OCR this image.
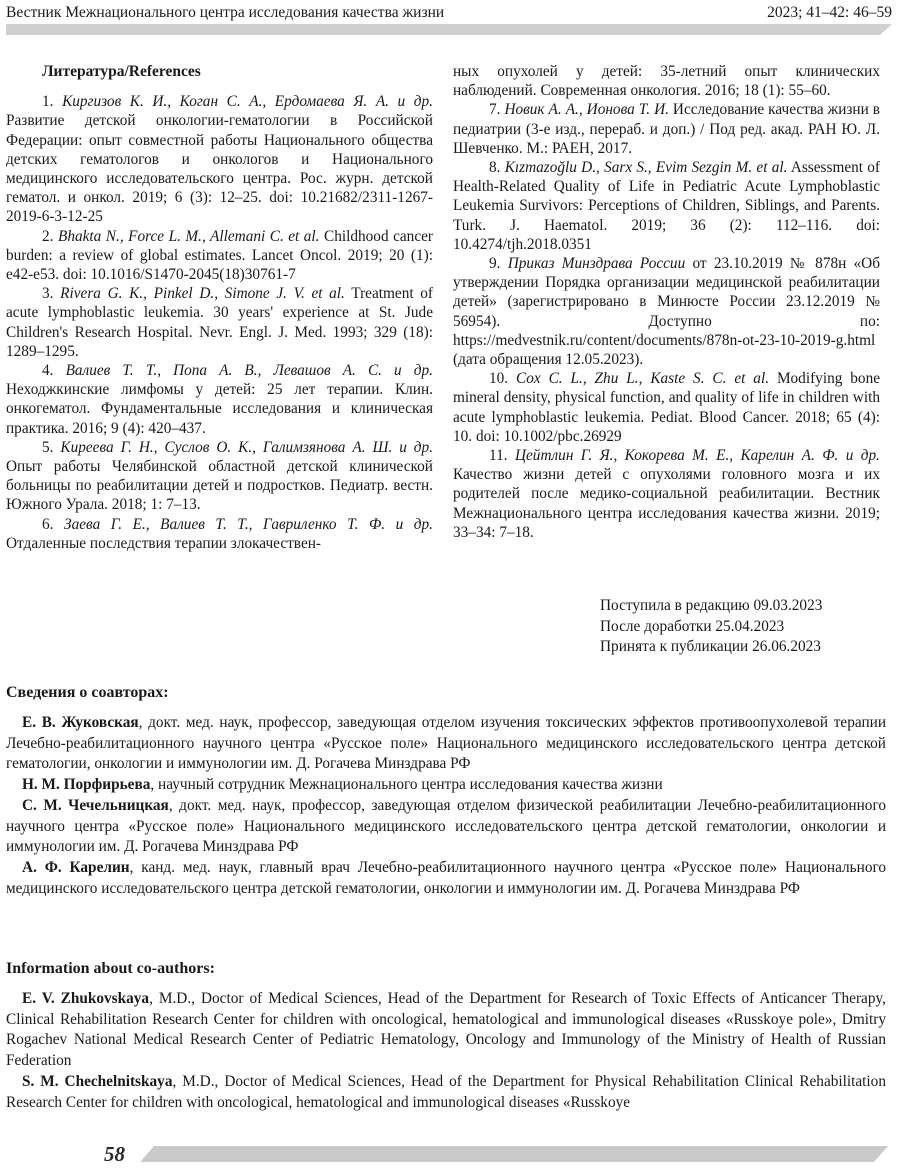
Вестник Межнационального центра исследования качества жизни	2023; 41–42: 46–59

Литература/References

1. Киргизов К. И., Коган С. А., Ердомаева Я. А. и др. Развитие детской онкологии-гематологии в Российской Федерации: опыт совместной работы Национального общества детских гематологов и онкологов и Национального медицинского исследовательского центра. Рос. журн. детской гематол. и онкол. 2019; 6 (3): 12–25. doi: 10.21682/2311-1267-2019-6-3-12-25

2. Bhakta N., Force L. M., Allemani C. et al. Childhood cancer burden: a review of global estimates. Lancet Oncol. 2019; 20 (1): e42-e53. doi: 10.1016/S1470-2045(18)30761-7

3. Rivera G. K., Pinkel D., Simone J. V. et al. Treatment of acute lymphoblastic leukemia. 30 years' experience at St. Jude Children's Research Hospital. Nevr. Engl. J. Med. 1993; 329 (18): 1289–1295.

4. Валиев Т. Т., Попа А. В., Левашов А. С. и др. Неходжкинские лимфомы у детей: 25 лет терапии. Клин. онкогематол. Фундаментальные исследования и клиническая практика. 2016; 9 (4): 420–437.

5. Киреева Г. Н., Суслов О. К., Галимзянова А. Ш. и др. Опыт работы Челябинской областной детской клинической больницы по реабилитации детей и подростков. Педиатр. вестн. Южного Урала. 2018; 1: 7–13.

6. Заева Г. Е., Валиев Т. Т., Гавриленко Т. Ф. и др. Отдаленные последствия терапии злокачествен-

ных опухолей у детей: 35-летний опыт клинических наблюдений. Современная онкология. 2016; 18 (1): 55–60.

7. Новик А. А., Ионова Т. И. Исследование качества жизни в педиатрии (3-е изд., перераб. и доп.) / Под ред. акад. РАН Ю. Л. Шевченко. М.: РАЕН, 2017.

8. Kızmazoğlu D., Sarx S., Evim Sezgin M. et al. Assessment of Health-Related Quality of Life in Pediatric Acute Lymphoblastic Leukemia Survivors: Perceptions of Children, Siblings, and Parents. Turk. J. Haematol. 2019; 36 (2): 112–116. doi: 10.4274/tjh.2018.0351

9. Приказ Минздрава России от 23.10.2019 № 878н «Об утверждении Порядка организации медицинской реабилитации детей» (зарегистрировано в Минюсте России 23.12.2019 № 56954). Доступно по: https://medvestnik.ru/content/documents/878n-ot-23-10-2019-g.html (дата обращения 12.05.2023).

10. Cox C. L., Zhu L., Kaste S. C. et al. Modifying bone mineral density, physical function, and quality of life in children with acute lymphoblastic leukemia. Pediat. Blood Cancer. 2018; 65 (4): 10. doi: 10.1002/pbc.26929

11. Цейтлин Г. Я., Кокорева М. Е., Карелин А. Ф. и др. Качество жизни детей с опухолями головного мозга и их родителей после медико-социальной реабилитации. Вестник Межнационального центра исследования качества жизни. 2019; 33–34: 7–18.

Поступила в редакцию 09.03.2023
После доработки 25.04.2023
Принята к публикации 26.06.2023
Сведения о соавторах:

Е. В. Жуковская, докт. мед. наук, профессор, заведующая отделом изучения токсических эффектов противоопухолевой терапии Лечебно-реабилитационного научного центра «Русское поле» Национального медицинского исследовательского центра детской гематологии, онкологии и иммунологии им. Д. Рогачева Минздрава РФ

Н. М. Порфирьева, научный сотрудник Межнационального центра исследования качества жизни

С. М. Чечельницкая, докт. мед. наук, профессор, заведующая отделом физической реабилитации Лечебно-реабилитационного научного центра «Русское поле» Национального медицинского исследовательского центра детской гематологии, онкологии и иммунологии им. Д. Рогачева Минздрава РФ

А. Ф. Карелин, канд. мед. наук, главный врач Лечебно-реабилитационного научного центра «Русское поле» Национального медицинского исследовательского центра детской гематологии, онкологии и иммунологии им. Д. Рогачева Минздрава РФ

Information about co-authors:

E. V. Zhukovskaya, M.D., Doctor of Medical Sciences, Head of the Department for Research of Toxic Effects of Anticancer Therapy, Clinical Rehabilitation Research Center for children with oncological, hematological and immunological diseases «Russkoye pole», Dmitry Rogachev National Medical Research Center of Pediatric Hematology, Oncology and Immunology of the Ministry of Health of Russian Federation

S. M. Chechelnitskaya, M.D., Doctor of Medical Sciences, Head of the Department for Physical Rehabilitation Clinical Rehabilitation Research Center for children with oncological, hematological and immunological diseases «Russkoye

58
